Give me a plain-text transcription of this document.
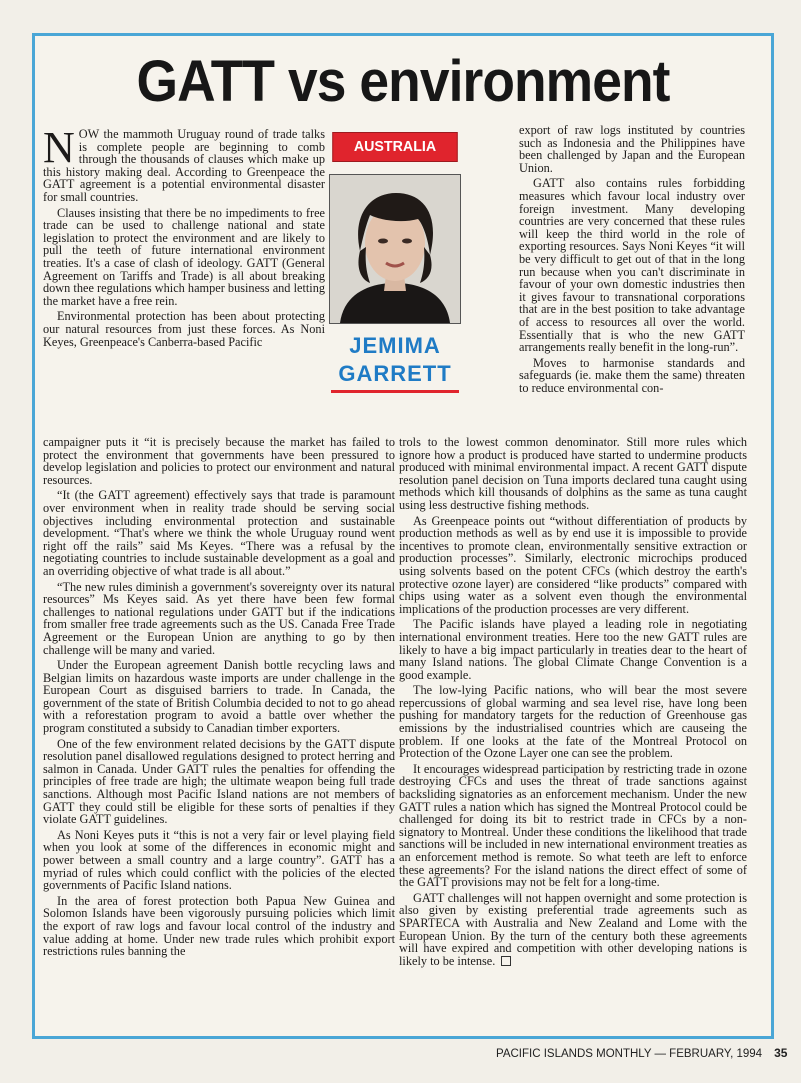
GATT vs environment

NOW the mammoth Uruguay round of trade talks is complete people are beginning to comb through the thousands of clauses which make up this history making deal. According to Greenpeace the GATT agreement is a potential environmental disaster for small countries.

Clauses insisting that there be no impediments to free trade can be used to challenge national and state legislation to protect the environment and are likely to pull the teeth of future international environment treaties. It's a case of clash of ideology. GATT (General Agreement on Tariffs and Trade) is all about breaking down thee regulations which hamper business and letting the market have a free rein.

Environmental protection has been about protecting our natural resources from just these forces. As Noni Keyes, Greenpeace's Canberra-based Pacific

AUSTRALIA
JEMIMA
GARRETT

export of raw logs instituted by countries such as Indonesia and the Philippines have been challenged by Japan and the European Union.

GATT also contains rules forbidding measures which favour local industry over foreign investment. Many developing countries are very concerned that these rules will keep the third world in the role of exporting resources. Says Noni Keyes “it will be very difficult to get out of that in the long run because when you can't discriminate in favour of your own domestic industries then it gives favour to transnational corporations that are in the best position to take advantage of access to resources all over the world. Essentially that is who the new GATT arrangements really benefit in the long-run”.

Moves to harmonise standards and safeguards (ie. make them the same) threaten to reduce environmental con-

campaigner puts it “it is precisely because the market has failed to protect the environment that governments have been pressured to develop legislation and policies to protect our environment and natural resources.

“It (the GATT agreement) effectively says that trade is paramount over environment when in reality trade should be serving social objectives including environmental protection and sustainable development. “That's where we think the whole Uruguay round went right off the rails” said Ms Keyes. “There was a refusal by the negotiating countries to include sustainable development as a goal and an overriding objective of what trade is all about.”

“The new rules diminish a government's sovereignty over its natural resources” Ms Keyes said. As yet there have been few formal challenges to national regulations under GATT but if the indications from smaller free trade agreements such as the US. Canada Free Trade Agreement or the European Union are anything to go by then challenge will be many and varied.

Under the European agreement Danish bottle recycling laws and Belgian limits on hazardous waste imports are under challenge in the European Court as disguised barriers to trade. In Canada, the government of the state of British Columbia decided to not to go ahead with a reforestation program to avoid a battle over whether the program constituted a subsidy to Canadian timber exporters.

One of the few environment related decisions by the GATT dispute resolution panel disallowed regulations designed to protect herring and salmon in Canada. Under GATT rules the penalties for offending the principles of free trade are high; the ultimate weapon being full trade sanctions. Although most Pacific Island nations are not members of GATT they could still be eligible for these sorts of penalties if they violate GATT guidelines.

As Noni Keyes puts it “this is not a very fair or level playing field when you look at some of the differences in economic might and power between a small country and a large country”. GATT has a myriad of rules which could conflict with the policies of the elected governments of Pacific Island nations.

In the area of forest protection both Papua New Guinea and Solomon Islands have been vigorously pursuing policies which limit the export of raw logs and favour local control of the industry and value adding at home. Under new trade rules which prohibit export restrictions rules banning the

trols to the lowest common denominator. Still more rules which ignore how a product is produced have started to undermine products produced with minimal environmental impact. A recent GATT dispute resolution panel decision on Tuna imports declared tuna caught using methods which kill thousands of dolphins as the same as tuna caught using less destructive fishing methods.

As Greenpeace points out “without differentiation of products by production methods as well as by end use it is impossible to provide incentives to promote clean, environmentally sensitive extraction or production processes”. Similarly, electronic microchips produced using solvents based on the potent CFCs (which destroy the earth's protective ozone layer) are considered “like products” compared with chips using water as a solvent even though the environmental implications of the production processes are very different.

The Pacific islands have played a leading role in negotiating international environment treaties. Here too the new GATT rules are likely to have a big impact particularly in treaties dear to the heart of many Island nations. The global Climate Change Convention is a good example.

The low-lying Pacific nations, who will bear the most severe repercussions of global warming and sea level rise, have long been pushing for mandatory targets for the reduction of Greenhouse gas emissions by the industrialised countries which are causeing the problem. If one looks at the fate of the Montreal Protocol on Protection of the Ozone Layer one can see the problem.

It encourages widespread participation by restricting trade in ozone destroying CFCs and uses the threat of trade sanctions against backsliding signatories as an enforcement mechanism. Under the new GATT rules a nation which has signed the Montreal Protocol could be challenged for doing its bit to restrict trade in CFCs by a non-signatory to Montreal. Under these conditions the likelihood that trade sanctions will be included in new international environment treaties as an enforcement method is remote. So what teeth are left to enforce these agreements? For the island nations the direct effect of some of the GATT provisions may not be felt for a long-time.

GATT challenges will not happen overnight and some protection is also given by existing preferential trade agreements such as SPARTECA with Australia and New Zealand and Lome with the European Union. By the turn of the century both these agreements will have expired and competition with other developing nations is likely to be intense.

PACIFIC ISLANDS MONTHLY — FEBRUARY, 1994 35
